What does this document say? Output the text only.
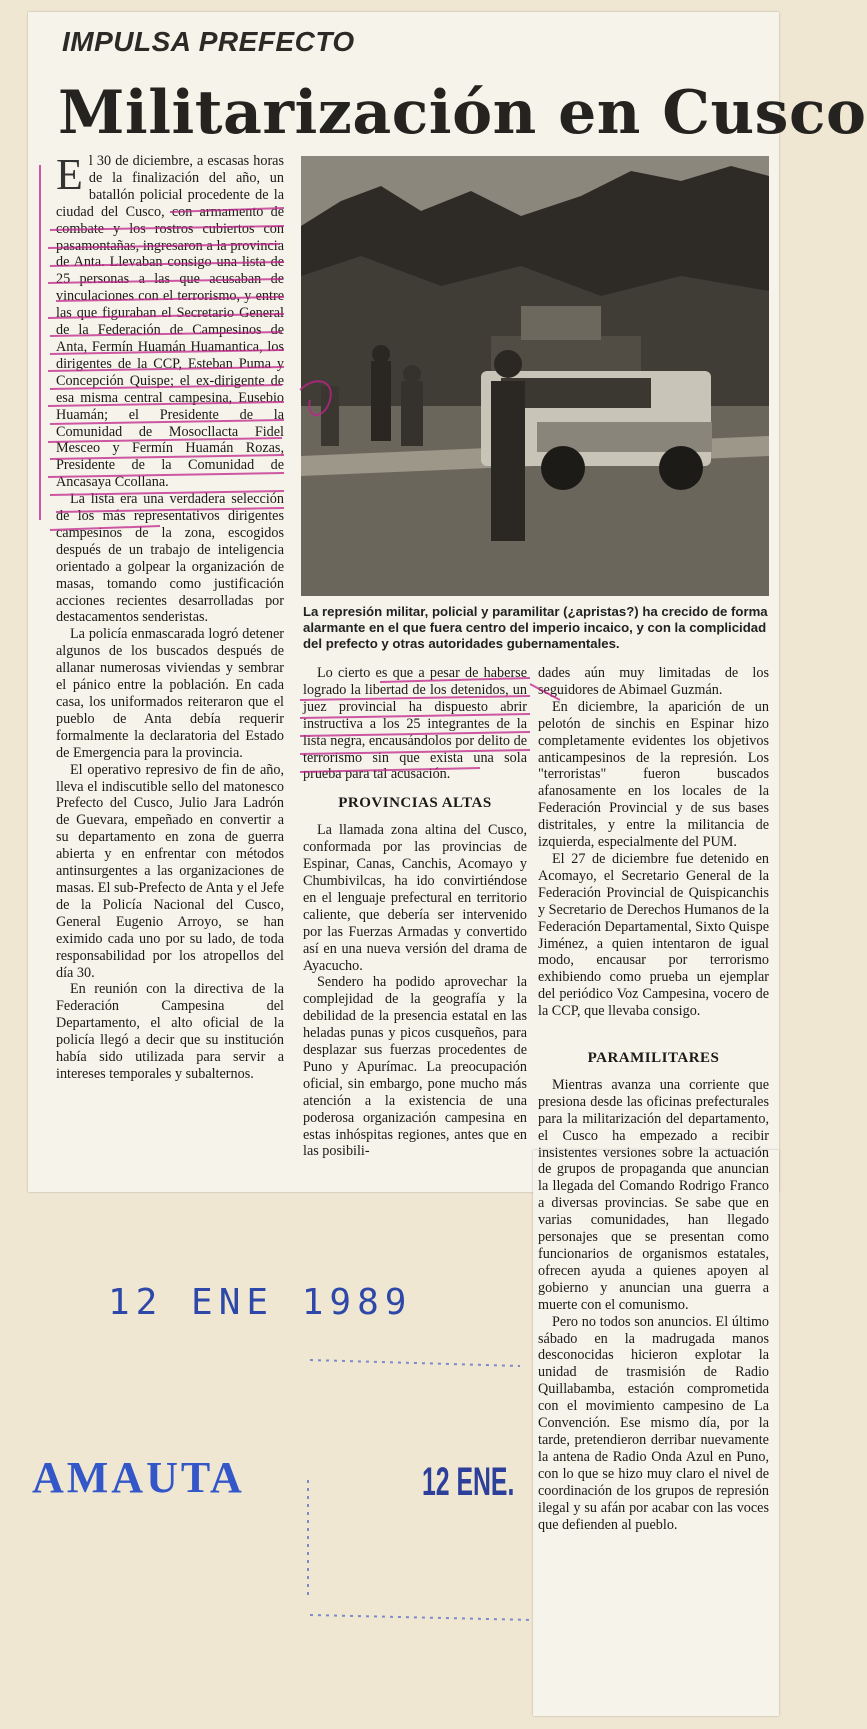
IMPULSA PREFECTO
Militarización en Cusco

El 30 de diciembre, a escasas horas de la finalización del año, un batallón policial procedente de la ciudad del Cusco, con armamento de combate y los rostros cubiertos con pasamontañas, ingresaron a la provincia de Anta. Llevaban consigo una lista de 25 personas a las que acusaban de vinculaciones con el terrorismo, y entre las que figuraban el Secretario General de la Federación de Campesinos de Anta, Fermín Huamán Huamantica, los dirigentes de la CCP, Esteban Puma y Concepción Quispe; el ex-dirigente de esa misma central campesina, Eusebio Huamán; el Presidente de la Comunidad de Mosocllacta Fidel Mesceo y Fermín Huamán Rozas, Presidente de la Comunidad de Ancasaya Ccollana.

La lista era una verdadera selección de los más representativos dirigentes campesinos de la zona, escogidos después de un trabajo de inteligencia orientado a golpear la organización de masas, tomando como justificación acciones recientes desarrolladas por destacamentos senderistas.

La policía enmascarada logró detener algunos de los buscados después de allanar numerosas viviendas y sembrar el pánico entre la población. En cada casa, los uniformados reiteraron que el pueblo de Anta debía requerir formalmente la declaratoria del Estado de Emergencia para la provincia.

El operativo represivo de fin de año, lleva el indiscutible sello del matonesco Prefecto del Cusco, Julio Jara Ladrón de Guevara, empeñado en convertir a su departamento en zona de guerra abierta y en enfrentar con métodos antinsurgentes a las organizaciones de masas. El sub-Prefecto de Anta y el Jefe de la Policía Nacional del Cusco, General Eugenio Arroyo, se han eximido cada uno por su lado, de toda responsabilidad por los atropellos del día 30.

En reunión con la directiva de la Federación Campesina del Departamento, el alto oficial de la policía llegó a decir que su institución había sido utilizada para servir a intereses temporales y subalternos.

La represión militar, policial y paramilitar (¿apristas?) ha crecido de forma alarmante en el que fuera centro del imperio incaico, y con la complicidad del prefecto y otras autoridades gubernamentales.

Lo cierto es que a pesar de haberse logrado la libertad de los detenidos, un juez provincial ha dispuesto abrir instructiva a los 25 integrantes de la lista negra, encausándolos por delito de terrorismo sin que exista una sola prueba para tal acusación.

PROVINCIAS ALTAS

La llamada zona altina del Cusco, conformada por las provincias de Espinar, Canas, Canchis, Acomayo y Chumbivilcas, ha ido convirtiéndose en el lenguaje prefectural en territorio caliente, que debería ser intervenido por las Fuerzas Armadas y convertido así en una nueva versión del drama de Ayacucho.

Sendero ha podido aprovechar la complejidad de la geografía y la debilidad de la presencia estatal en las heladas punas y picos cusqueños, para desplazar sus fuerzas procedentes de Puno y Apurímac. La preocupación oficial, sin embargo, pone mucho más atención a la existencia de una poderosa organización campesina en estas inhóspitas regiones, antes que en las posibili-

dades aún muy limitadas de los seguidores de Abimael Guzmán.

En diciembre, la aparición de un pelotón de sinchis en Espinar hizo completamente evidentes los objetivos anticampesinos de la represión. Los "terroristas" fueron buscados afanosamente en los locales de la Federación Provincial y de sus bases distritales, y entre la militancia de izquierda, especialmente del PUM.

El 27 de diciembre fue detenido en Acomayo, el Secretario General de la Federación Provincial de Quispicanchis y Secretario de Derechos Humanos de la Federación Departamental, Sixto Quispe Jiménez, a quien intentaron de igual modo, encausar por terrorismo exhibiendo como prueba un ejemplar del periódico Voz Campesina, vocero de la CCP, que llevaba consigo.

PARAMILITARES

Mientras avanza una corriente que presiona desde las oficinas prefecturales para la militarización del departamento, el Cusco ha empezado a recibir insistentes versiones sobre la actuación de grupos de propaganda que anuncian la llegada del Comando Rodrigo Franco a diversas provincias. Se sabe que en varias comunidades, han llegado personajes que se presentan como funcionarios de organismos estatales, ofrecen ayuda a quienes apoyen al gobierno y anuncian una guerra a muerte con el comunismo.

Pero no todos son anuncios. El último sábado en la madrugada manos desconocidas hicieron explotar la unidad de trasmisión de Radio Quillabamba, estación comprometida con el movimiento campesino de La Convención. Ese mismo día, por la tarde, pretendieron derribar nuevamente la antena de Radio Onda Azul en Puno, con lo que se hizo muy claro el nivel de coordinación de los grupos de represión ilegal y su afán por acabar con las voces que defienden al pueblo.

12 ENE 1989
AMAUTA	12 ENE.
